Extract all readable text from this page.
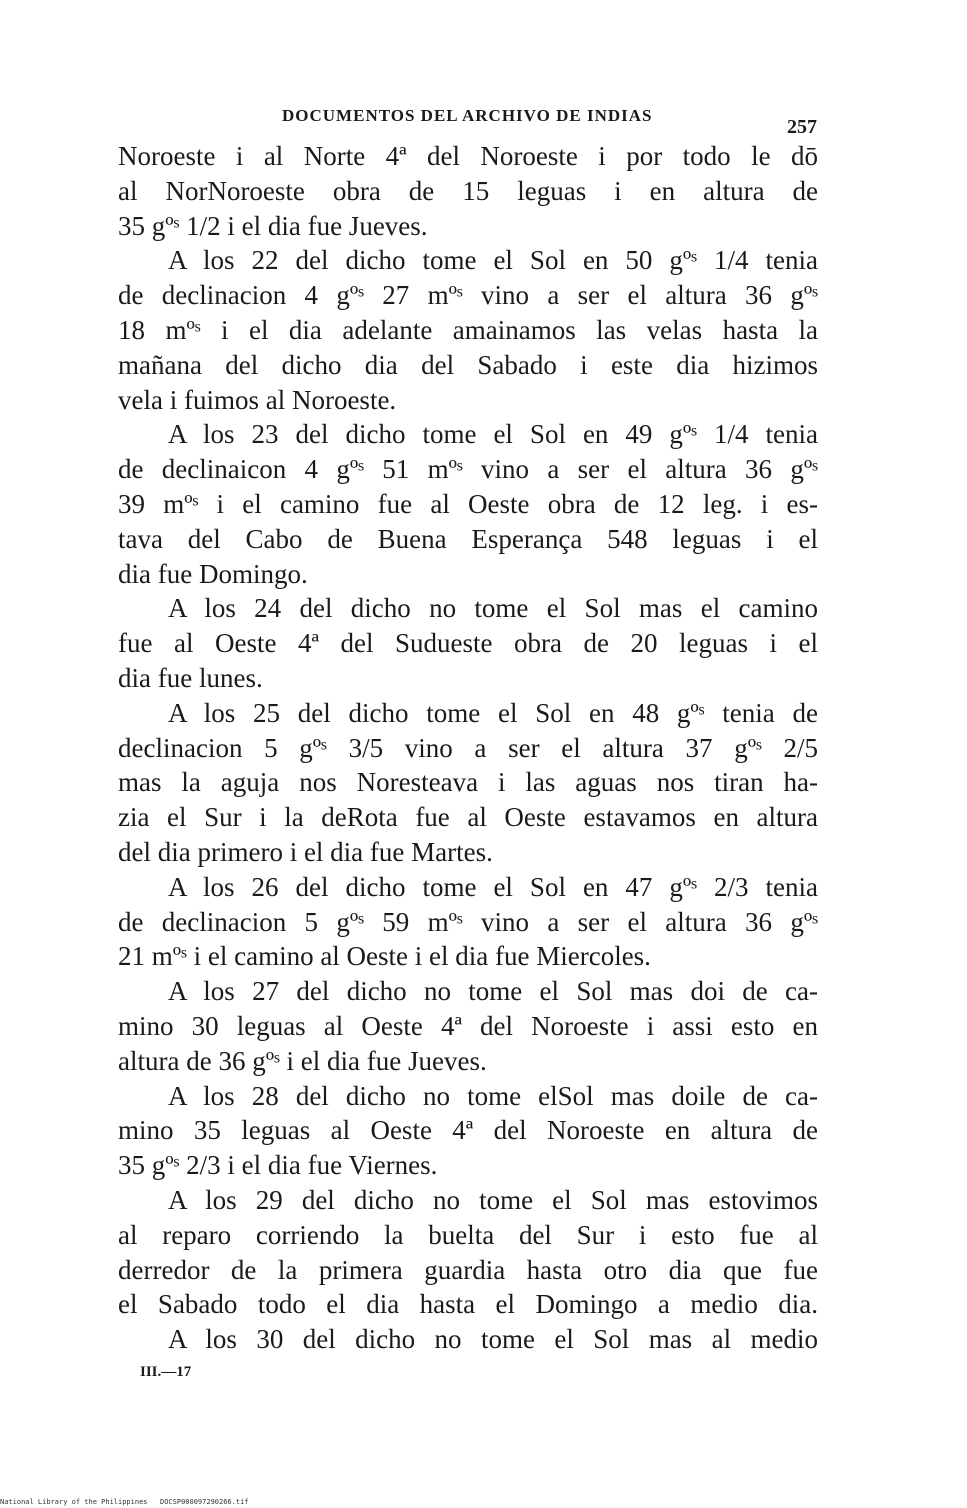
DOCUMENTOS DEL ARCHIVO DE INDIAS
257
Noroeste i al Norte 4ª del Noroeste i por todo le dō
al NorNoroeste obra de 15 leguas i en altura de
35 gºˢ 1/2 i el dia fue Jueves.
A los 22 del dicho tome el Sol en 50 gºˢ 1/4 tenia
de declinacion 4 gºˢ 27 mºˢ vino a ser el altura 36 gºˢ
18 mºˢ i el dia adelante amainamos las velas hasta la
mañana del dicho dia del Sabado i este dia hizimos
vela i fuimos al Noroeste.
A los 23 del dicho tome el Sol en 49 gºˢ 1/4 tenia
de declinaicon 4 gºˢ 51 mºˢ vino a ser el altura 36 gºˢ
39 mºˢ i el camino fue al Oeste obra de 12 leg. i es-
tava del Cabo de Buena Esperança 548 leguas i el
dia fue Domingo.
A los 24 del dicho no tome el Sol mas el camino
fue al Oeste 4ª del Sudueste obra de 20 leguas i el
dia fue lunes.
A los 25 del dicho tome el Sol en 48 gºˢ tenia de
declinacion 5 gºˢ 3/5 vino a ser el altura 37 gºˢ 2/5
mas la aguja nos Noresteava i las aguas nos tiran ha-
zia el Sur i la deRota fue al Oeste estavamos en altura
del dia primero i el dia fue Martes.
A los 26 del dicho tome el Sol en 47 gºˢ 2/3 tenia
de declinacion 5 gºˢ 59 mºˢ vino a ser el altura 36 gºˢ
21 mºˢ i el camino al Oeste i el dia fue Miercoles.
A los 27 del dicho no tome el Sol mas doi de ca-
mino 30 leguas al Oeste 4ª del Noroeste i assi esto en
altura de 36 gºˢ i el dia fue Jueves.
A los 28 del dicho no tome elSol mas doile de ca-
mino 35 leguas al Oeste 4ª del Noroeste en altura de
35 gºˢ 2/3 i el dia fue Viernes.
A los 29 del dicho no tome el Sol mas estovimos
al reparo corriendo la buelta del Sur i esto fue al
derredor de la primera guardia hasta otro dia que fue
el Sabado todo el dia hasta el Domingo a medio dia.
A los 30 del dicho no tome el Sol mas al medio
III.—17
National Library of the Philippines DOCSP000097290266.tif
